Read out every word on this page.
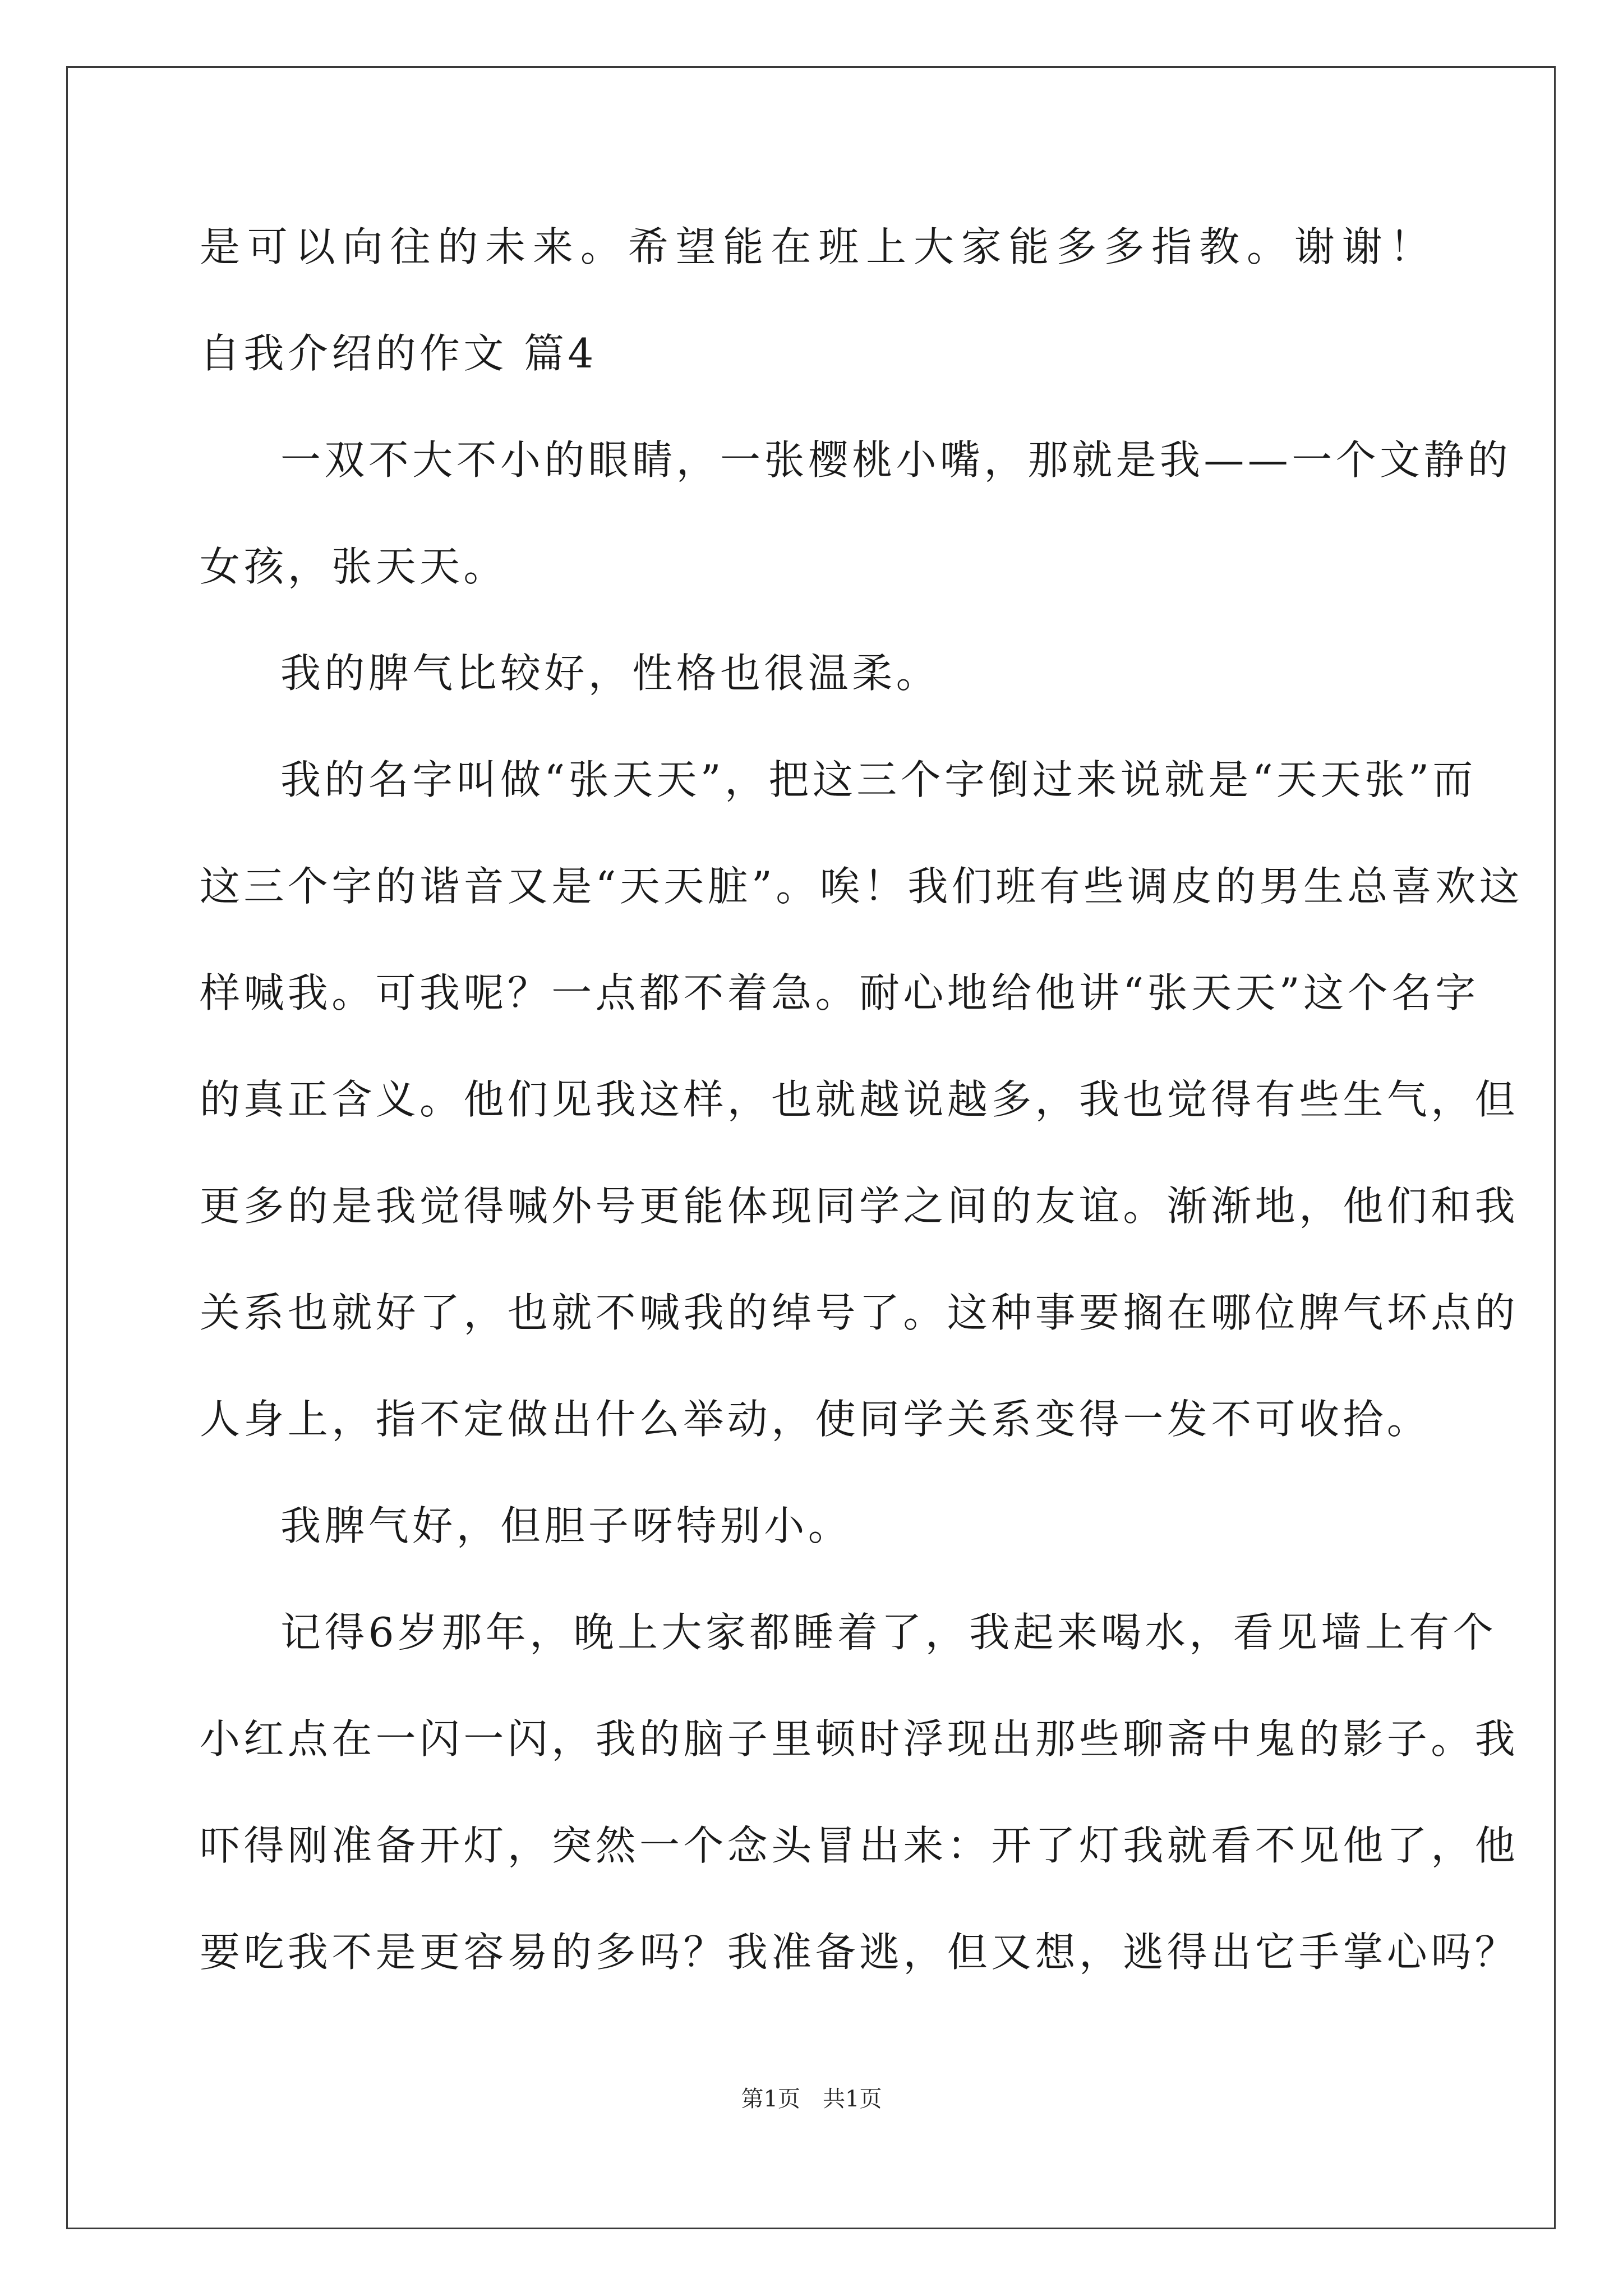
是可以向往的未来。希望能在班上大家能多多指教。谢谢！
自我介绍的作文 篇4
一双不大不小的眼睛，一张樱桃小嘴，那就是我——一个文静的
女孩，张天天。
我的脾气比较好，性格也很温柔。
我的名字叫做“张天天”，把这三个字倒过来说就是“天天张”而
这三个字的谐音又是“天天脏”。唉！我们班有些调皮的男生总喜欢这
样喊我。可我呢？一点都不着急。耐心地给他讲“张天天”这个名字
的真正含义。他们见我这样，也就越说越多，我也觉得有些生气，但
更多的是我觉得喊外号更能体现同学之间的友谊。渐渐地，他们和我
关系也就好了，也就不喊我的绰号了。这种事要搁在哪位脾气坏点的
人身上，指不定做出什么举动，使同学关系变得一发不可收拾。
我脾气好，但胆子呀特别小。
记得6岁那年，晚上大家都睡着了，我起来喝水，看见墙上有个
小红点在一闪一闪，我的脑子里顿时浮现出那些聊斋中鬼的影子。我
吓得刚准备开灯，突然一个念头冒出来：开了灯我就看不见他了，他
要吃我不是更容易的多吗？我准备逃，但又想，逃得出它手掌心吗？
第1页　共1页
